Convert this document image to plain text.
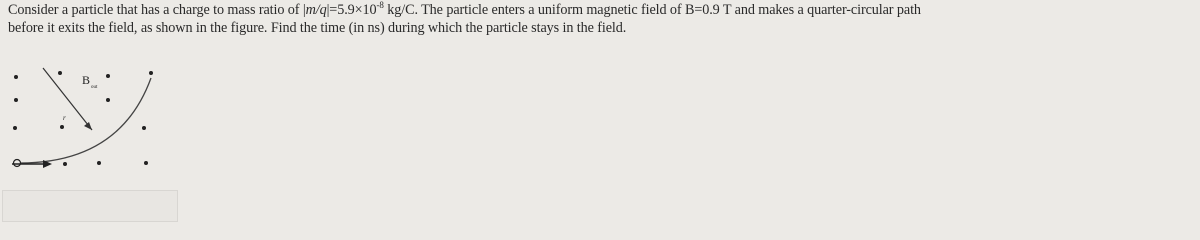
Consider a particle that has a charge to mass ratio of $|m/q|=5.9\times 10^{-8}$ kg/C. The particle enters a uniform magnetic field of B=0.9 T and makes a quarter-circular path

before it exits the field, as shown in the figure. Find the time (in ns) during which the particle stays in the field.

B
out
r
